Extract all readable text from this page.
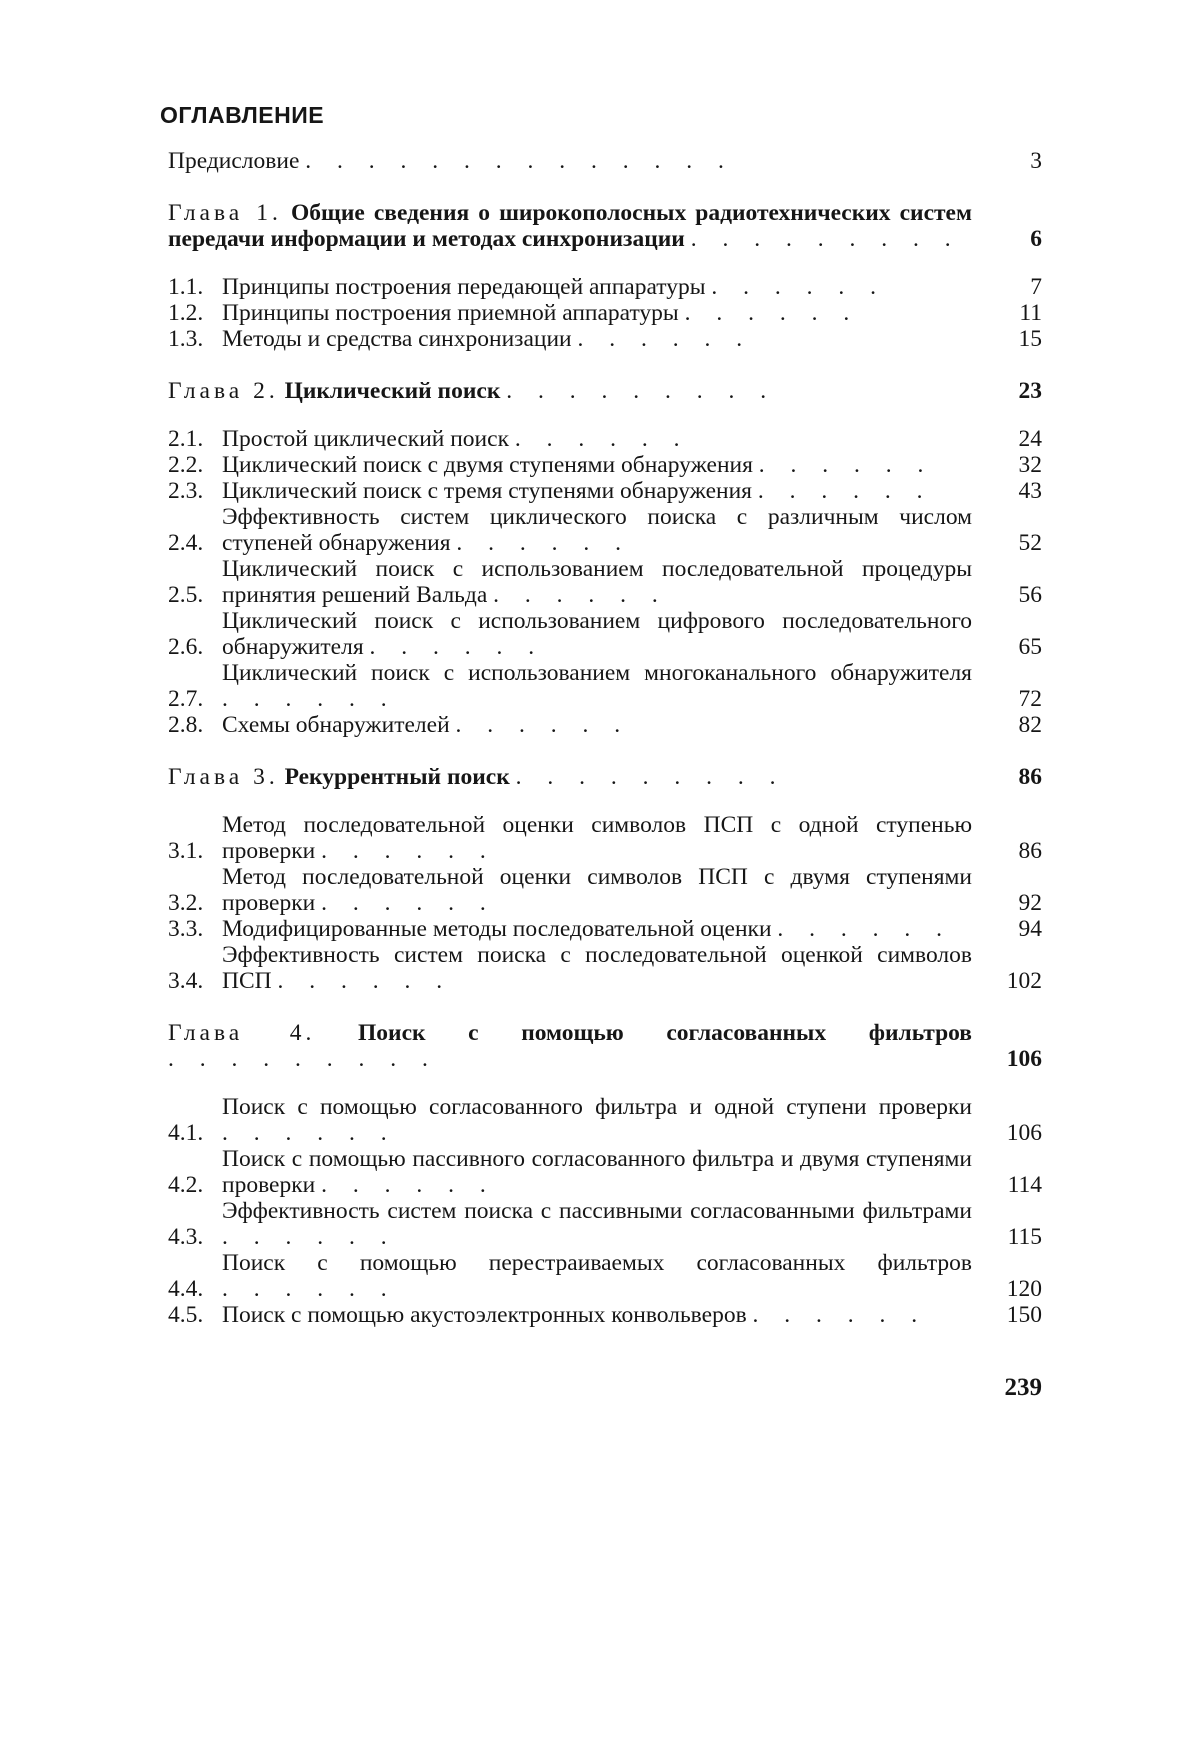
ОГЛАВЛЕНИЕ
Предисловие . . . . . . . . . . . . . .	3
Глава 1. Общие сведения о широкополосных радиотехнических систем передачи информации и методах синхронизации . . . . . . . . .	6
1.1. Принципы построения передающей аппаратуры . . . . . .	7
1.2. Принципы построения приемной аппаратуры . . . . . .	11
1.3. Методы и средства синхронизации . . . . . .	15
Глава 2. Циклический поиск . . . . . . . . .	23
2.1. Простой циклический поиск . . . . . .	24
2.2. Циклический поиск с двумя ступенями обнаружения . . . . . .	32
2.3. Циклический поиск с тремя ступенями обнаружения . . . . . .	43
2.4.
Эффективность систем циклического поиска с различным числом ступеней обнаружения . . . . . .	52
2.5.
Циклический поиск с использованием последовательной процедуры принятия решений Вальда . . . . . .	56
2.6.
Циклический поиск с использованием цифрового последовательного обнаружителя . . . . . .	65
2.7.
Циклический поиск с использованием многоканального обнаружителя . . . . . .	72
2.8. Схемы обнаружителей . . . . . .	82
Глава 3. Рекуррентный поиск . . . . . . . . .	86
3.1.
Метод последовательной оценки символов ПСП с одной ступенью проверки . . . . . .	86
3.2.
Метод последовательной оценки символов ПСП с двумя ступенями проверки . . . . . .	92
3.3. Модифицированные методы последовательной оценки . . . . . .	94
3.4.
Эффективность систем поиска с последовательной оценкой символов ПСП . . . . . .	102
Глава 4. Поиск с помощью согласованных фильтров . . . . . . . . .	106
4.1.
Поиск с помощью согласованного фильтра и одной ступени проверки . . . . . .	106
4.2.
Поиск с помощью пассивного согласованного фильтра и двумя ступенями проверки . . . . . .	114
4.3.
Эффективность систем поиска с пассивными согласованными фильтрами . . . . . .	115
4.4.
Поиск с помощью перестраиваемых согласованных фильтров . . . . . .	120
4.5. Поиск с помощью акустоэлектронных конвольверов . . . . . .	150
239
